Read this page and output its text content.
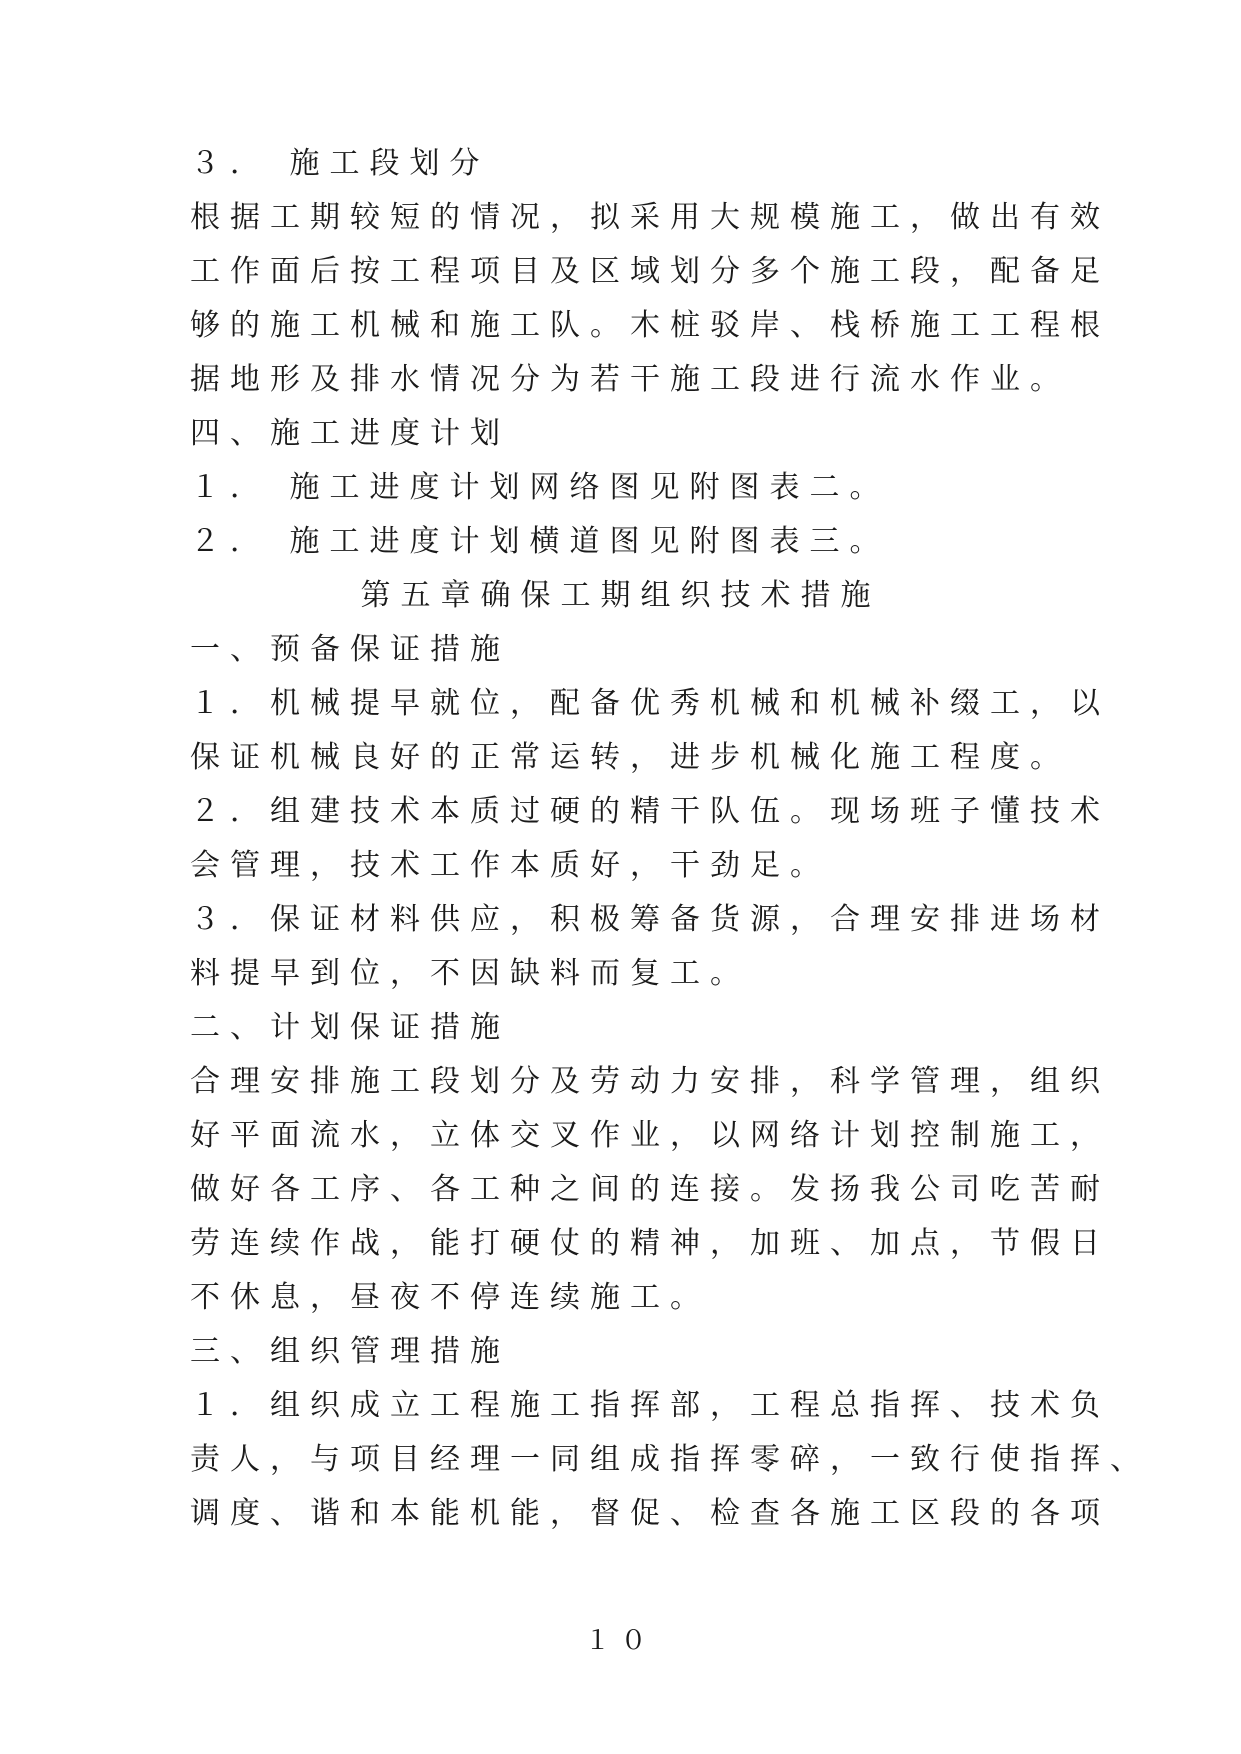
３． 施工段划分
根据工期较短的情况，拟采用大规模施工，做出有效
工作面后按工程项目及区域划分多个施工段，配备足
够的施工机械和施工队。木桩驳岸、栈桥施工工程根
据地形及排水情况分为若干施工段进行流水作业。
四、施工进度计划
１． 施工进度计划网络图见附图表二。
２． 施工进度计划横道图见附图表三。
第五章确保工期组织技术措施
一、预备保证措施
１．机械提早就位，配备优秀机械和机械补缀工，以
保证机械良好的正常运转，进步机械化施工程度。
２．组建技术本质过硬的精干队伍。现场班子懂技术
会管理，技术工作本质好，干劲足。
３．保证材料供应，积极筹备货源，合理安排进场材
料提早到位，不因缺料而复工。
二、计划保证措施
合理安排施工段划分及劳动力安排，科学管理，组织
好平面流水，立体交叉作业，以网络计划控制施工，
做好各工序、各工种之间的连接。发扬我公司吃苦耐
劳连续作战，能打硬仗的精神，加班、加点，节假日
不休息，昼夜不停连续施工。
三、组织管理措施
１．组织成立工程施工指挥部，工程总指挥、技术负
责人，与项目经理一同组成指挥零碎，一致行使指挥、
调度、谐和本能机能，督促、检查各施工区段的各项
１０
